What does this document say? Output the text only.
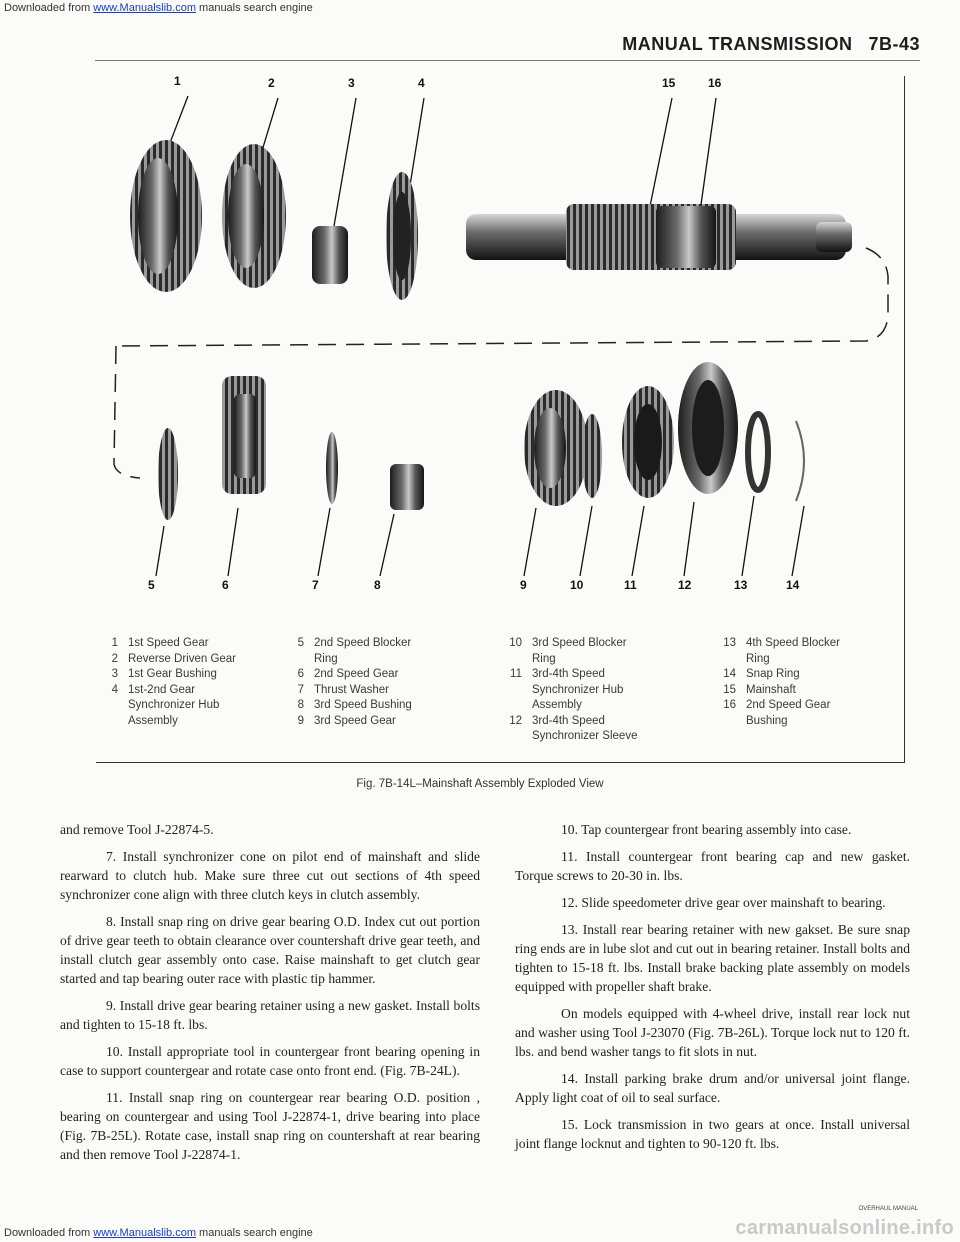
Downloaded from www.Manualslib.com manuals search engine
MANUAL TRANSMISSION 7B-43
1	2	3	4	15	16
5	6	7	8	9	10	11	12	13	14
1 1st Speed Gear
2 Reverse Driven Gear
3 1st Gear Bushing
4 1st-2nd Gear
Synchronizer Hub
Assembly
5 2nd Speed Blocker
Ring
6 2nd Speed Gear
7 Thrust Washer
8 3rd Speed Bushing
9 3rd Speed Gear
10 3rd Speed Blocker
Ring
11 3rd-4th Speed
Synchronizer Hub
Assembly
12 3rd-4th Speed
Synchronizer Sleeve
13 4th Speed Blocker
Ring
14 Snap Ring
15 Mainshaft
16 2nd Speed Gear
Bushing
Fig. 7B-14L–Mainshaft Assembly Exploded View

and remove Tool J-22874-5.

7. Install synchronizer cone on pilot end of mainshaft and slide rearward to clutch hub. Make sure three cut out sections of 4th speed synchronizer cone align with three clutch keys in clutch assembly.

8. Install snap ring on drive gear bearing O.D. Index cut out portion of drive gear teeth to obtain clearance over countershaft drive gear teeth, and install clutch gear assembly onto case. Raise mainshaft to get clutch gear started and tap bearing outer race with plastic tip hammer.

9. Install drive gear bearing retainer using a new gasket. Install bolts and tighten to 15-18 ft. lbs.

10. Install appropriate tool in countergear front bearing opening in case to support countergear and rotate case onto front end. (Fig. 7B-24L).

11. Install snap ring on countergear rear bearing O.D. position , bearing on countergear and using Tool J-22874-1, drive bearing into place (Fig. 7B-25L). Rotate case, install snap ring on countershaft at rear bearing and then remove Tool J-22874-1.

10. Tap countergear front bearing assembly into case.

11. Install countergear front bearing cap and new gasket. Torque screws to 20-30 in. lbs.

12. Slide speedometer drive gear over mainshaft to bearing.

13. Install rear bearing retainer with new gakset. Be sure snap ring ends are in lube slot and cut out in bearing retainer. Install bolts and tighten to 15-18 ft. lbs. Install brake backing plate assembly on models equipped with propeller shaft brake.

On models equipped with 4-wheel drive, install rear lock nut and washer using Tool J-23070 (Fig. 7B-26L). Torque lock nut to 120 ft. lbs. and bend washer tangs to fit slots in nut.

14. Install parking brake drum and/or universal joint flange. Apply light coat of oil to seal surface.

15. Lock transmission in two gears at once. Install universal joint flange locknut and tighten to 90-120 ft. lbs.

OVERHAUL MANUAL
Downloaded from www.Manualslib.com manuals search engine	carmanualsonline.info
